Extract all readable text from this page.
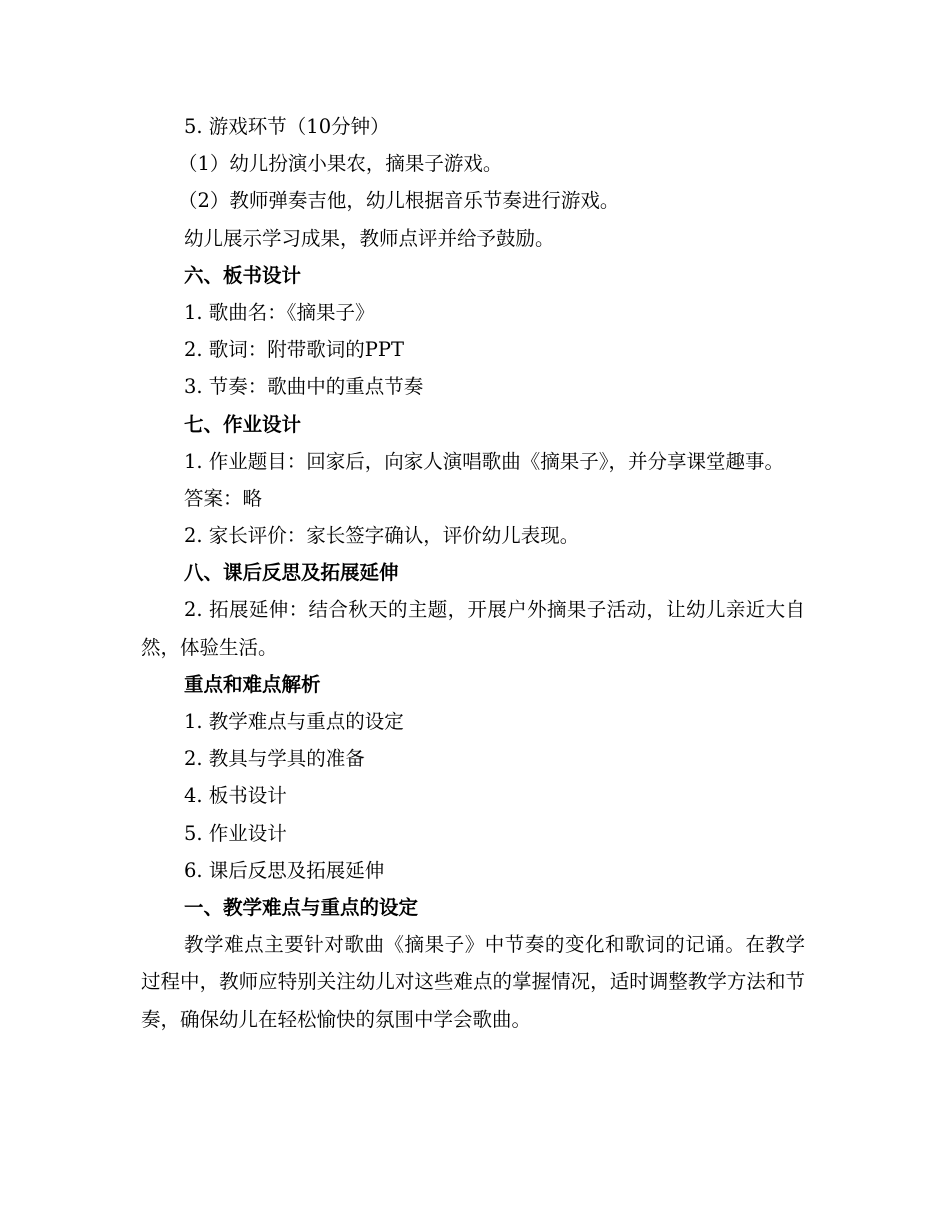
5. 游戏环节（10分钟）
（1）幼儿扮演小果农，摘果子游戏。
（2）教师弹奏吉他，幼儿根据音乐节奏进行游戏。
幼儿展示学习成果，教师点评并给予鼓励。
六、板书设计
1. 歌曲名：《摘果子》
2. 歌词：附带歌词的PPT
3. 节奏：歌曲中的重点节奏
七、作业设计
1. 作业题目：回家后，向家人演唱歌曲《摘果子》，并分享课堂趣事。
答案：略
2. 家长评价：家长签字确认，评价幼儿表现。
八、课后反思及拓展延伸
2. 拓展延伸：结合秋天的主题，开展户外摘果子活动，让幼儿亲近大自然，体验生活。
重点和难点解析
1. 教学难点与重点的设定
2. 教具与学具的准备
4. 板书设计
5. 作业设计
6. 课后反思及拓展延伸
一、教学难点与重点的设定
教学难点主要针对歌曲《摘果子》中节奏的变化和歌词的记诵。在教学过程中，教师应特别关注幼儿对这些难点的掌握情况，适时调整教学方法和节奏，确保幼儿在轻松愉快的氛围中学会歌曲。
